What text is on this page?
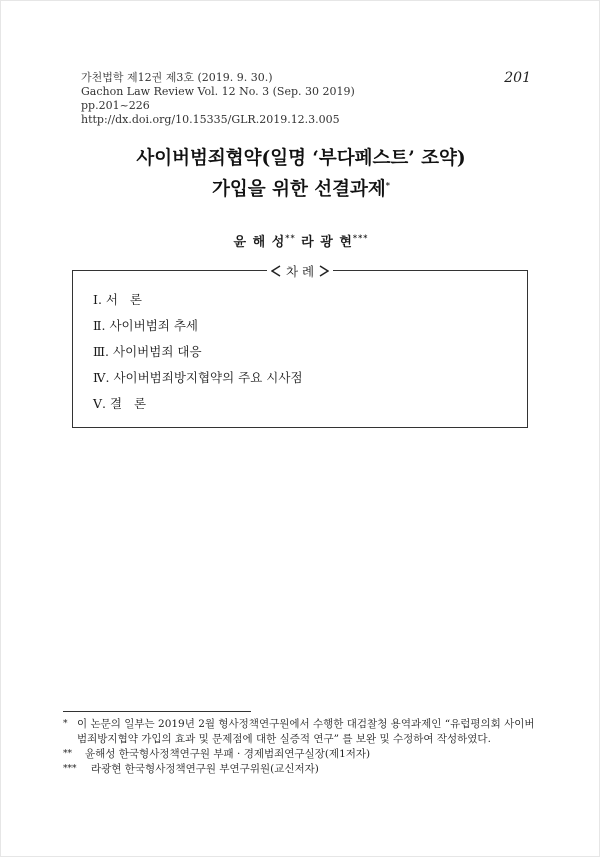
가천법학 제12권 제3호 (2019. 9. 30.)
Gachon Law Review Vol. 12 No. 3 (Sep. 30 2019)
pp.201~226
http://dx.doi.org/10.15335/GLR.2019.12.3.005
201
사이버범죄협약(일명 ‘부다페스트’ 조약)
가입을 위한 선결과제*
윤 해 성** 라 광 현***
차 례
Ⅰ. 서   론
Ⅱ. 사이버범죄 추세
Ⅲ. 사이버범죄 대응
Ⅳ. 사이버범죄방지협약의 주요 시사점
Ⅴ. 결   론
* 이 논문의 일부는 2019년 2월 형사정책연구원에서 수행한 대검찰청 용역과제인 “유럽평의회 사이버범죄방지협약 가입의 효과 및 문제점에 대한 실증적 연구” 를 보완 및 수정하여 작성하였다.
** 윤해성 한국형사정책연구원 부패 · 경제범죄연구실장(제1저자)
*** 라광현 한국형사정책연구원 부연구위원(교신저자)
